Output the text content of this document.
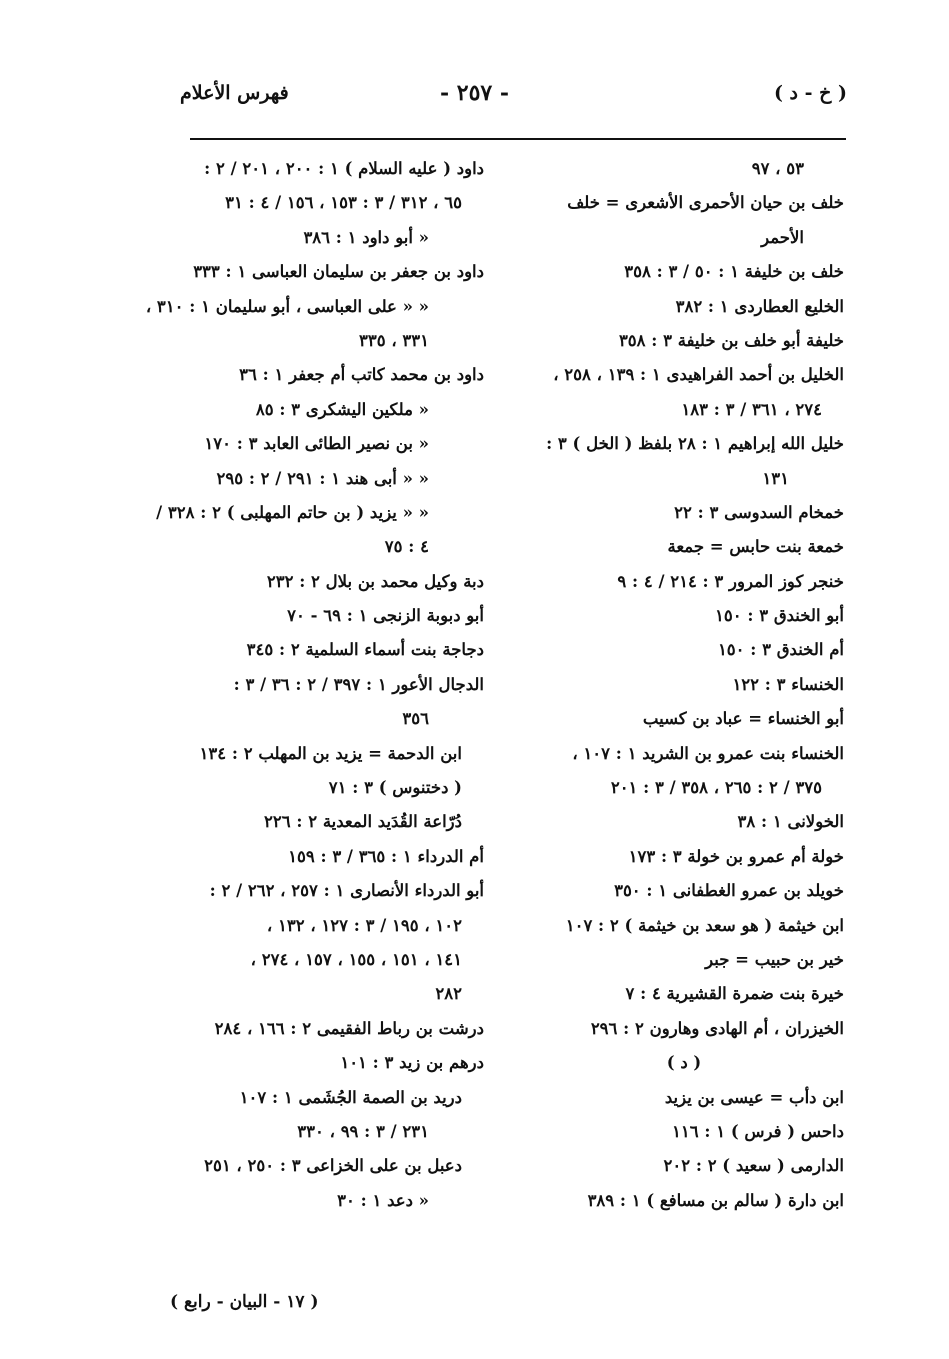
( خ - د )
- ٢٥٧ -
فهرس الأعلام
٥٣ ، ٩٧
خلف بن حيان الأحمرى الأشعرى = خلف
الأحمر
خلف بن خليفة ١ : ٥٠ / ٣ : ٣٥٨
الخليع العطاردى ١ : ٣٨٢
خليفة أبو خلف بن خليفة ٣ : ٣٥٨
الخليل بن أحمد الفراهيدى ١ : ١٣٩ ، ٢٥٨ ،
٢٧٤ ، ٣٦١ / ٣ : ١٨٣
خليل الله إبراهيم ١ : ٢٨ بلفظ ( الخل ) ٣ :
١٣١
خمخام السدوسى ٣ : ٢٢
خمعة بنت حابس = جمعة
خنجر كوز المرور ٣ : ٢١٤ / ٤ : ٩
أبو الخندق ٣ : ١٥٠
أم الخندق ٣ : ١٥٠
الخنساء ٣ : ١٢٢
أبو الخنساء = عباد بن كسيب
الخنساء بنت عمرو بن الشريد ١ : ١٠٧ ،
٣٧٥ / ٢ : ٢٦٥ ، ٣٥٨ / ٣ : ٢٠١
الخولانى ١ : ٣٨
خولة أم عمرو بن خولة ٣ : ١٧٣
خويلد بن عمرو الغطفانى ١ : ٣٥٠
ابن خيثمة ( هو سعد بن خيثمة ) ٢ : ١٠٧
خير بن حبيب = جبر
خيرة بنت ضمرة القشيرية ٤ : ٧
الخيزران ، أم الهادى وهارون ٢ : ٢٩٦
( د )
ابن دأب = عيسى بن يزيد
داحس ( فرس ) ١ : ١١٦
الدارمى ( سعيد ) ٢ : ٢٠٢
ابن دارة ( سالم بن مسافع ) ١ : ٣٨٩
داود ( عليه السلام ) ١ : ٢٠٠ ، ٢٠١ / ٢ :
٦٥ ، ٣١٢ / ٣ : ١٥٣ ، ١٥٦ / ٤ : ٣١
« أبو داود ١ : ٣٨٦
داود بن جعفر بن سليمان العباسى ١ : ٣٣٣
« « على العباسى ، أبو سليمان ١ : ٣١٠ ،
٣٣١ ، ٣٣٥
داود بن محمد كاتب أم جعفر ١ : ٣٦
« ملكين اليشكرى ٣ : ٨٥
« بن نصير الطائى العابد ٣ : ١٧٠
« « أبى هند ١ : ٢٩١ / ٢ : ٢٩٥
« « يزيد ( بن حاتم المهلبى ) ٢ : ٣٢٨ /
٤ : ٧٥
دبة وكيل محمد بن بلال ٢ : ٢٣٢
أبو دبوبة الزنجى ١ : ٦٩ - ٧٠
دجاجة بنت أسماء السلمية ٢ : ٣٤٥
الدجال الأعور ١ : ٣٩٧ / ٢ : ٣٦ / ٣ :
٣٥٦
ابن الدحمة = يزيد بن المهلب ٢ : ١٣٤
( دختنوس ) ٣ : ٧١
دُرّاعة القُدَيد المعدية ٢ : ٢٢٦
أم الدرداء ١ : ٣٦٥ / ٣ : ١٥٩
أبو الدرداء الأنصارى ١ : ٢٥٧ ، ٢٦٢ / ٢ :
١٠٢ ، ١٩٥ / ٣ : ١٢٧ ، ١٣٢ ،
١٤١ ، ١٥١ ، ١٥٥ ، ١٥٧ ، ٢٧٤ ،
٢٨٢
درشت بن رباط الفقيمى ٢ : ١٦٦ ، ٢٨٤
درهم بن زيد ٣ : ١٠١
دريد بن الصمة الجُشَمى ١ : ١٠٧
٢٣١ / ٣ : ٩٩ ، ٣٣٠
دعبل بن على الخزاعى ٣ : ٢٥٠ ، ٢٥١
« دعد ١ : ٣٠
( ١٧ - البيان - رابع )
